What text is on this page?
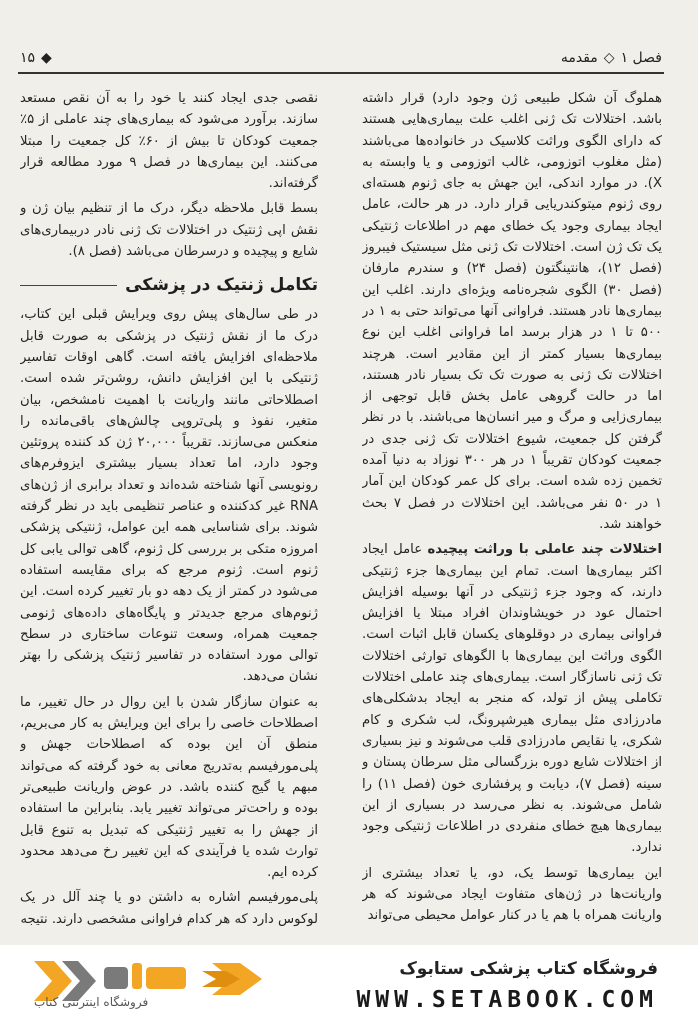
فصل ۱
◇
مقدمه
۱۵ ◆

هملوگ آن شکل طبیعی ژن وجود دارد) قرار داشته باشد. اختلالات تک ژنی اغلب علت بیماری‌هایی هستند که دارای الگوی وراثت کلاسیک در خانواده‌ها می‌باشند (مثل مغلوب اتوزومی، غالب اتوزومی و یا وابسته به X). در موارد اندکی، این جهش به جای ژنوم هسته‌ای روی ژنوم میتوکندریایی قرار دارد. در هر حالت، عامل ایجاد بیماری وجود یک خطای مهم در اطلاعات ژنتیکی یک تک ژن است. اختلالات تک ژنی مثل سیستیک فیبروز (فصل ۱۲)، هانتینگتون (فصل ۲۴) و سندرم مارفان (فصل ۳۰) الگوی شجره‌نامه ویژه‌ای دارند. اغلب این بیماری‌ها نادر هستند. فراوانی آنها می‌تواند حتی به ۱ در ۵۰۰ تا ۱ در هزار برسد اما فراوانی اغلب این نوع بیماری‌ها بسیار کمتر از این مقادیر است. هرچند اختلالات تک ژنی به صورت تک تک بسیار نادر هستند، اما در حالت گروهی عامل بخش قابل توجهی از بیماری‌زایی و مرگ و میر انسان‌ها می‌باشند. با در نظر گرفتن کل جمعیت، شیوع اختلالات تک ژنی جدی در جمعیت کودکان تقریباً ۱ در هر ۳۰۰ نوزاد به دنیا آمده تخمین زده شده است. برای کل عمر کودکان این آمار ۱ در ۵۰ نفر می‌باشد. این اختلالات در فصل ۷ بحث خواهند شد.

اختلالات چند عاملی با وراثت پیچیده عامل ایجاد اکثر بیماری‌ها است. تمام این بیماری‌ها جزء ژنتیکی دارند، که وجود جزء ژنتیکی در آنها بوسیله افزایش احتمال عود در خویشاوندان افراد مبتلا یا افزایش فراوانی بیماری در دوقلوهای یکسان قابل اثبات است. الگوی وراثت این بیماری‌ها با الگوهای توارثی اختلالات تک ژنی ناسازگار است. بیماری‌های چند عاملی اختلالات تکاملی پیش از تولد، که منجر به ایجاد بدشکلی‌های مادرزادی مثل بیماری هیرشپرونگ، لب شکری و کام شکری، یا نقایص مادرزادی قلب می‌شوند و نیز بسیاری از اختلالات شایع دوره بزرگسالی مثل سرطان پستان و سینه (فصل ۷)، دیابت و پرفشاری خون (فصل ۱۱) را شامل می‌شوند. به نظر می‌رسد در بسیاری از این بیماری‌ها هیچ خطای منفردی در اطلاعات ژنتیکی وجود ندارد.

این بیماری‌ها توسط یک، دو، یا تعداد بیشتری از واریانت‌ها در ژن‌های متفاوت ایجاد می‌شوند که هر واریانت همراه با هم یا در کنار عوامل محیطی می‌تواند

نقصی جدی ایجاد کنند یا خود را به آن نقص مستعد سازند. برآورد می‌شود که بیماری‌های چند عاملی از ۵٪ جمعیت کودکان تا بیش از ۶۰٪ کل جمعیت را مبتلا می‌کنند. این بیماری‌ها در فصل ۹ مورد مطالعه قرار گرفته‌اند.

بسط قابل ملاحظه دیگر، درک ما از تنظیم بیان ژن و نقش اپی ژنتیک در اختلالات تک ژنی نادر دربیماری‌های شایع و پیچیده و درسرطان می‌باشد (فصل ۸).

تکامل ژنتیک در پزشکی

در طی سال‌های پیش روی ویرایش قبلی این کتاب، درک ما از نقش ژنتیک در پزشکی به صورت قابل ملاحظه‌ای افزایش یافته است. گاهی اوقات تفاسیر ژنتیکی با این افزایش دانش، روشن‌تر شده است. اصطلاحاتی مانند واریانت با اهمیت نامشخص، بیان متغیر، نفوذ و پلی‌تروپی چالش‌های باقی‌مانده را منعکس می‌سازند. تقریباً ۲۰,۰۰۰ ژن کد کننده پروتئین وجود دارد، اما تعداد بسیار بیشتری ایزوفرم‌های رونویسی آنها شناخته شده‌اند و تعداد برابری از ژن‌های RNA غیر کدکننده و عناصر تنظیمی باید در نظر گرفته شوند. برای شناسایی همه این عوامل، ژنتیکی پزشکی امروزه متکی بر بررسی کل ژنوم، گاهی توالی یابی کل ژنوم است. ژنوم مرجع که برای مقایسه استفاده می‌شود در کمتر از یک دهه دو بار تغییر کرده است. این ژنوم‌های مرجع جدیدتر و پایگاه‌های داده‌های ژنومی جمعیت همراه، وسعت تنوعات ساختاری در سطح توالی مورد استفاده در تفاسیر ژنتیک پزشکی را بهتر نشان می‌دهد.

به عنوان سازگار شدن با این روال در حال تغییر، ما اصطلاحات خاصی را برای این ویرایش به کار می‌بریم، منطق آن این بوده که اصطلاحات جهش و پلی‌مورفیسم به‌تدریج معانی به خود گرفته که می‌تواند مبهم یا گیج کننده باشد. در عوض واریانت طبیعی‌تر بوده و راحت‌تر می‌تواند تغییر یابد. بنابراین ما استفاده از جهش را به تغییر ژنتیکی که تبدیل به تنوع قابل توارث شده یا فرآیندی که این تغییر رخ می‌دهد محدود کرده ایم.

پلی‌مورفیسم اشاره به داشتن دو یا چند آلل در یک لوکوس دارد که هر کدام فراوانی مشخصی دارند. نتیجه

فروشگاه اینترنتی کتاب
فروشگاه کتاب پزشکی ستابوک
WWW.SETABOOK.COM
